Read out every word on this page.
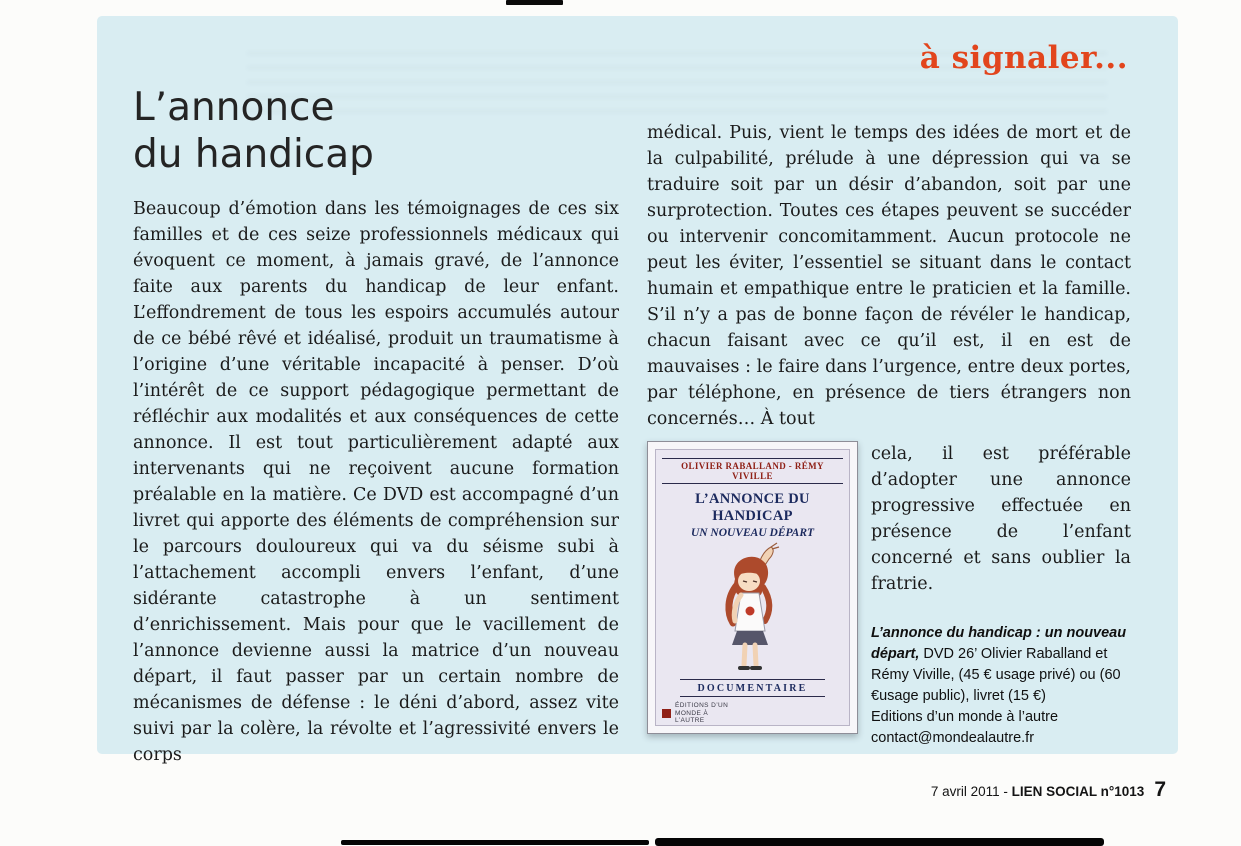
à signaler...
L’annonce
du handicap

Beaucoup d’émotion dans les témoignages de ces six familles et de ces seize professionnels médicaux qui évoquent ce moment, à jamais gravé, de l’annonce faite aux parents du handicap de leur enfant. L’effondrement de tous les espoirs accumulés autour de ce bébé rêvé et idéalisé, produit un traumatisme à l’origine d’une véritable incapacité à penser. D’où l’intérêt de ce support pédagogique permettant de réfléchir aux modalités et aux conséquences de cette annonce. Il est tout particulièrement adapté aux intervenants qui ne reçoivent aucune formation préalable en la matière. Ce DVD est accompagné d’un livret qui apporte des éléments de compréhension sur le parcours douloureux qui va du séisme subi à l’attachement accompli envers l’enfant, d’une sidérante catastrophe à un sentiment d’enrichissement. Mais pour que le vacillement de l’annonce devienne aussi la matrice d’un nouveau départ, il faut passer par un certain nombre de mécanismes de défense : le déni d’abord, assez vite suivi par la colère, la révolte et l’agressivité envers le corps

médical. Puis, vient le temps des idées de mort et de la culpabilité, prélude à une dépression qui va se traduire soit par un désir d’abandon, soit par une surprotection. Toutes ces étapes peuvent se succéder ou intervenir concomitamment. Aucun protocole ne peut les éviter, l’essentiel se situant dans le contact humain et empathique entre le praticien et la famille. S’il n’y a pas de bonne façon de révéler le handicap, chacun faisant avec ce qu’il est, il en est de mauvaises : le faire dans l’urgence, entre deux portes, par téléphone, en présence de tiers étrangers non concernés… À tout

OLIVIER RABALLAND - RÉMY VIVILLE
L’ANNONCE DU HANDICAP
UN NOUVEAU DÉPART
DOCUMENTAIRE
ÉDITIONS D’UN MONDE À L’AUTRE

cela, il est préférable d’adopter une annonce progressive effectuée en présence de l’enfant concerné et sans oublier la fratrie.

L’annonce du handicap : un nouveau départ, DVD 26’ Olivier Raballand et Rémy Viville, (45 € usage privé) ou (60 €usage public), livret (15 €)

Editions d’un monde à l’autre

contact@mondealautre.fr

7 avril 2011 - LIEN SOCIAL n°1013 7
